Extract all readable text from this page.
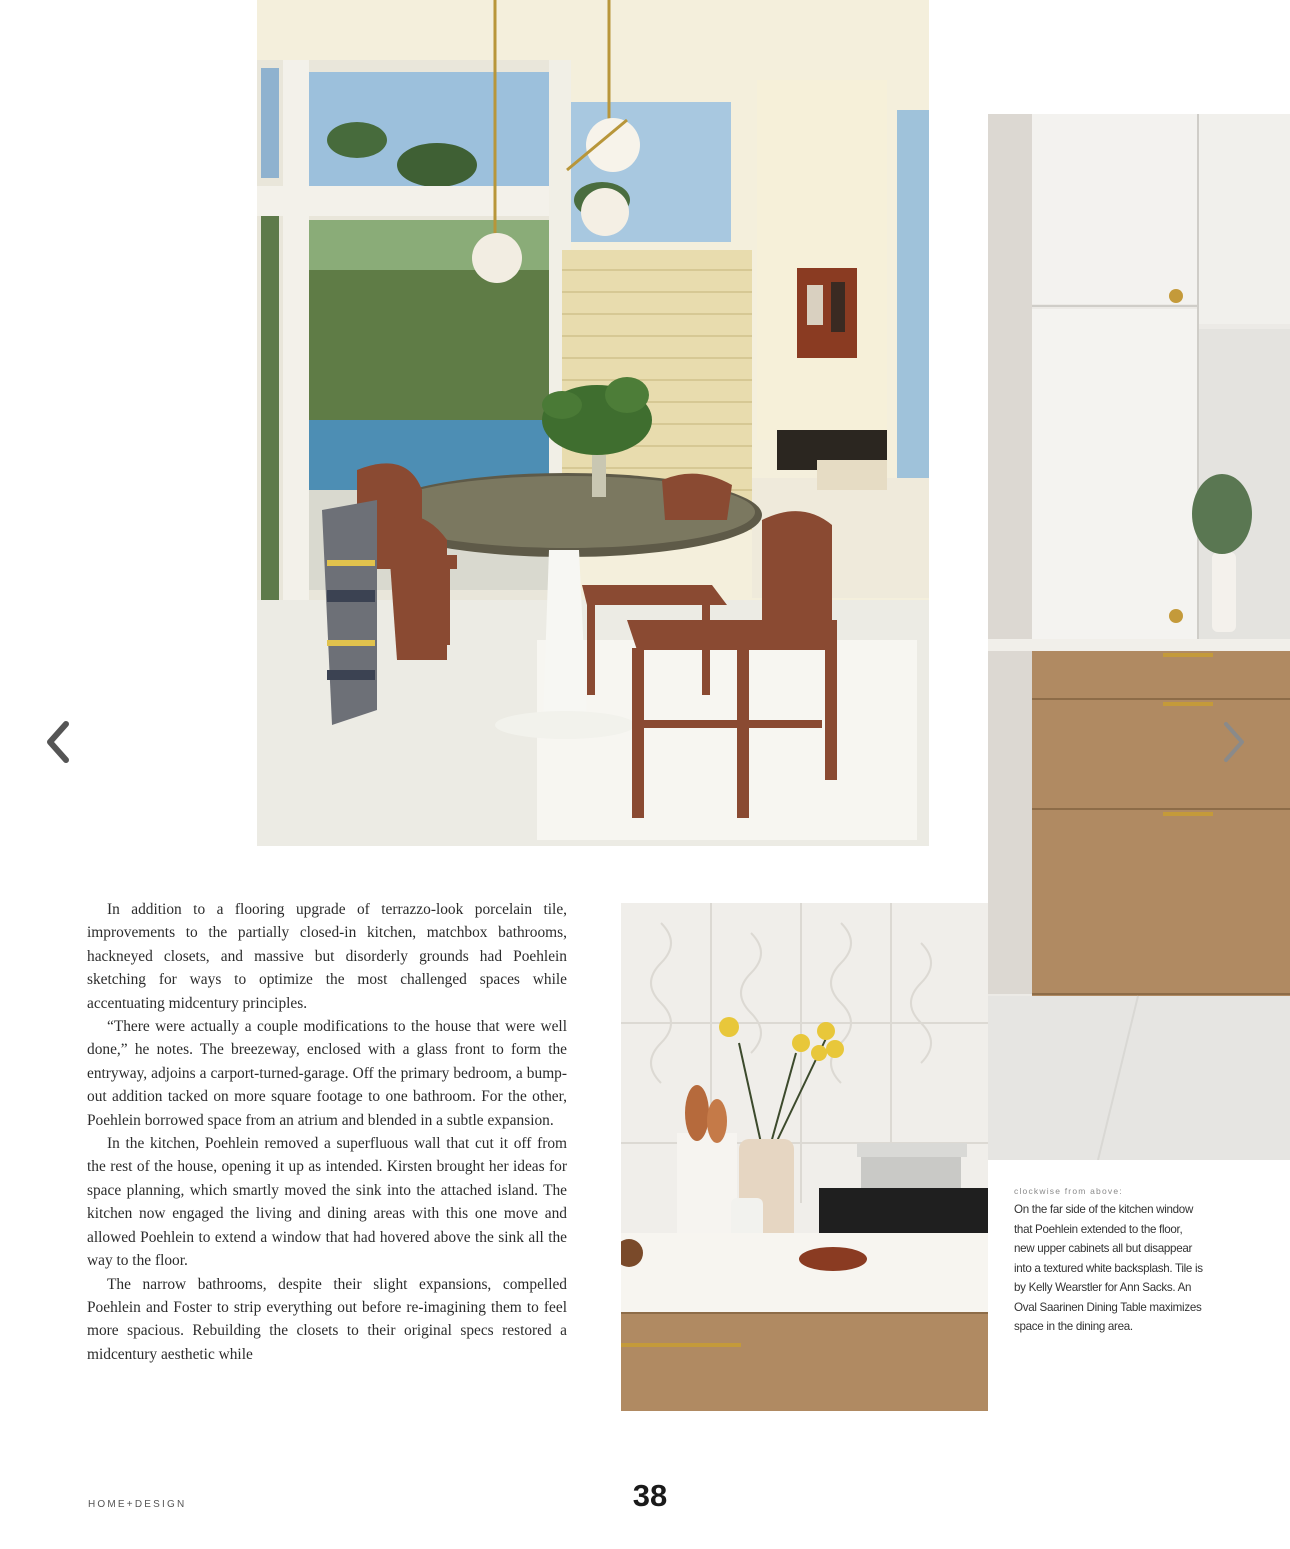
In addition to a flooring upgrade of terrazzo-look porcelain tile, improvements to the partially closed-in kitchen, matchbox bathrooms, hackneyed closets, and massive but disorderly grounds had Poehlein sketching for ways to optimize the most challenged spaces while accentuating midcentury principles.

“There were actually a couple modifications to the house that were well done,” he notes. The breezeway, enclosed with a glass front to form the entryway, adjoins a carport-turned-garage. Off the primary bedroom, a bump-out addition tacked on more square footage to one bathroom. For the other, Poehlein borrowed space from an atrium and blended in a subtle expansion.

In the kitchen, Poehlein removed a superfluous wall that cut it off from the rest of the house, opening it up as intended. Kirsten brought her ideas for space planning, which smartly moved the sink into the attached island. The kitchen now engaged the living and dining areas with this one move and allowed Poehlein to extend a window that had hovered above the sink all the way to the floor.

The narrow bathrooms, despite their slight expansions, compelled Poehlein and Foster to strip everything out before re-imagining them to feel more spacious. Rebuilding the closets to their original specs restored a midcentury aesthetic while

clockwise from above:
On the far side of the kitchen window that Poehlein extended to the floor, new upper cabinets all but disappear into a textured white backsplash. Tile is by Kelly Wearstler for Ann Sacks. An Oval Saarinen Dining Table maximizes space in the dining area.
HOME+DESIGN	38
